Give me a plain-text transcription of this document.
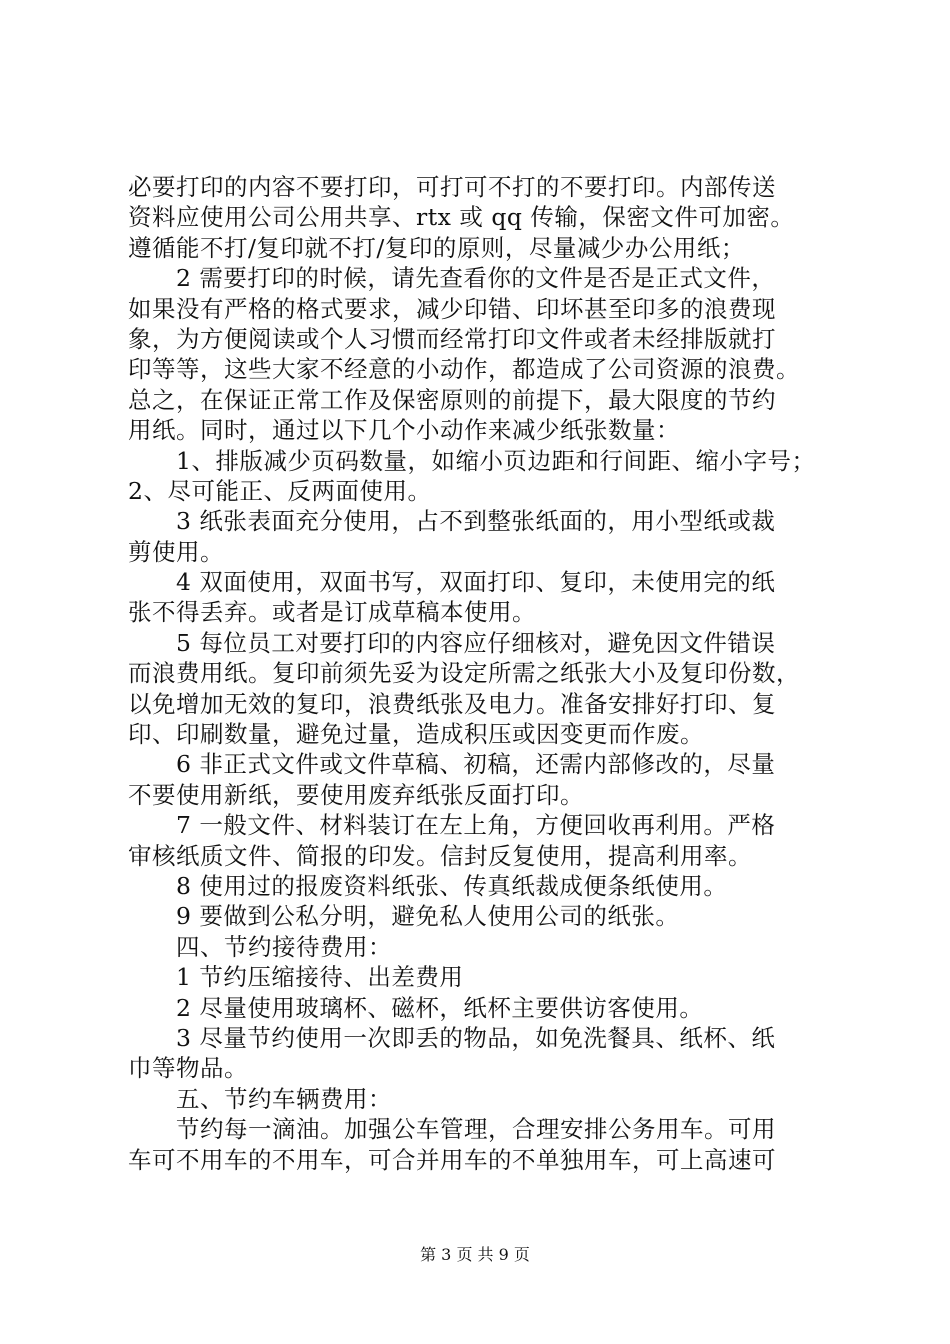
必要打印的内容不要打印，可打可不打的不要打印。内部传送
资料应使用公司公用共享、rtx 或 qq 传输，保密文件可加密。
遵循能不打/复印就不打/复印的原则，尽量减少办公用纸；
2 需要打印的时候，请先查看你的文件是否是正式文件，
如果没有严格的格式要求，减少印错、印坏甚至印多的浪费现
象，为方便阅读或个人习惯而经常打印文件或者未经排版就打
印等等，这些大家不经意的小动作，都造成了公司资源的浪费。
总之，在保证正常工作及保密原则的前提下，最大限度的节约
用纸。同时，通过以下几个小动作来减少纸张数量：
1、排版减少页码数量，如缩小页边距和行间距、缩小字号；
2、尽可能正、反两面使用。
3 纸张表面充分使用，占不到整张纸面的，用小型纸或裁
剪使用。
4 双面使用，双面书写，双面打印、复印，未使用完的纸
张不得丢弃。或者是订成草稿本使用。
5 每位员工对要打印的内容应仔细核对，避免因文件错误
而浪费用纸。复印前须先妥为设定所需之纸张大小及复印份数，
以免增加无效的复印，浪费纸张及电力。准备安排好打印、复
印、印刷数量，避免过量，造成积压或因变更而作废。
6 非正式文件或文件草稿、初稿，还需内部修改的，尽量
不要使用新纸，要使用废弃纸张反面打印。
7 一般文件、材料装订在左上角，方便回收再利用。严格
审核纸质文件、简报的印发。信封反复使用，提高利用率。
8 使用过的报废资料纸张、传真纸裁成便条纸使用。
9 要做到公私分明，避免私人使用公司的纸张。
四、节约接待费用：
1 节约压缩接待、出差费用
2 尽量使用玻璃杯、磁杯，纸杯主要供访客使用。
3 尽量节约使用一次即丢的物品，如免洗餐具、纸杯、纸
巾等物品。
五、节约车辆费用：
节约每一滴油。加强公车管理，合理安排公务用车。可用
车可不用车的不用车，可合并用车的不单独用车，可上高速可
第 3 页 共 9 页
